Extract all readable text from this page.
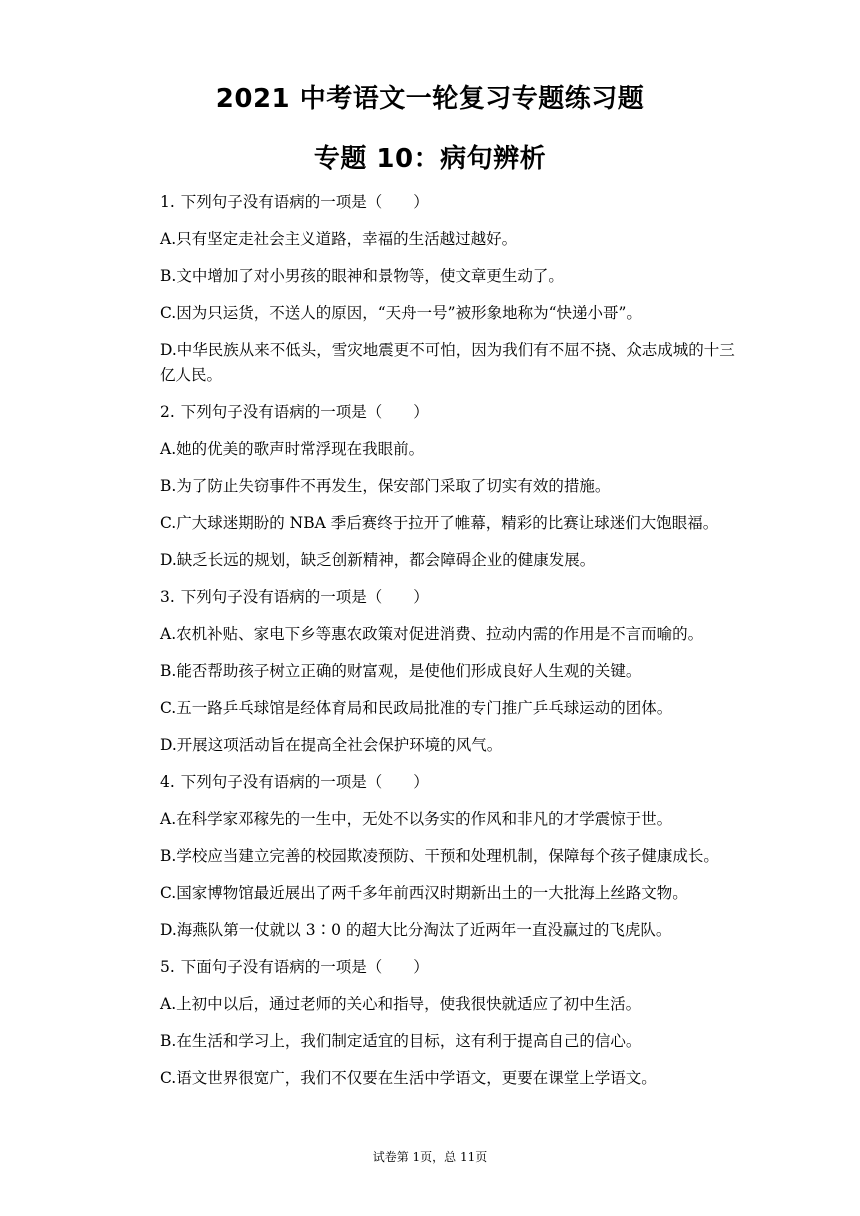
2021 中考语文一轮复习专题练习题
专题 10：病句辨析

1. 下列句子没有语病的一项是（　　）

A.只有坚定走社会主义道路，幸福的生活越过越好。

B.文中增加了对小男孩的眼神和景物等，使文章更生动了。

C.因为只运货，不送人的原因，“天舟一号”被形象地称为“快递小哥”。

D.中华民族从来不低头，雪灾地震更不可怕，因为我们有不屈不挠、众志成城的十三亿人民。

2. 下列句子没有语病的一项是（　　）

A.她的优美的歌声时常浮现在我眼前。

B.为了防止失窃事件不再发生，保安部门采取了切实有效的措施。

C.广大球迷期盼的 NBA 季后赛终于拉开了帷幕，精彩的比赛让球迷们大饱眼福。

D.缺乏长远的规划，缺乏创新精神，都会障碍企业的健康发展。

3. 下列句子没有语病的一项是（　　）

A.农机补贴、家电下乡等惠农政策对促进消费、拉动内需的作用是不言而喻的。

B.能否帮助孩子树立正确的财富观，是使他们形成良好人生观的关键。

C.五一路乒乓球馆是经体育局和民政局批准的专门推广乒乓球运动的团体。

D.开展这项活动旨在提高全社会保护环境的风气。

4. 下列句子没有语病的一项是（　　）

A.在科学家邓稼先的一生中，无处不以务实的作风和非凡的才学震惊于世。

B.学校应当建立完善的校园欺凌预防、干预和处理机制，保障每个孩子健康成长。

C.国家博物馆最近展出了两千多年前西汉时期新出土的一大批海上丝路文物。

D.海燕队第一仗就以 3∶0 的超大比分淘汰了近两年一直没赢过的飞虎队。

5. 下面句子没有语病的一项是（　　）

A.上初中以后，通过老师的关心和指导，使我很快就适应了初中生活。

B.在生活和学习上，我们制定适宜的目标，这有利于提高自己的信心。

C.语文世界很宽广，我们不仅要在生活中学语文，更要在课堂上学语文。

试卷第 1页，总 11页
